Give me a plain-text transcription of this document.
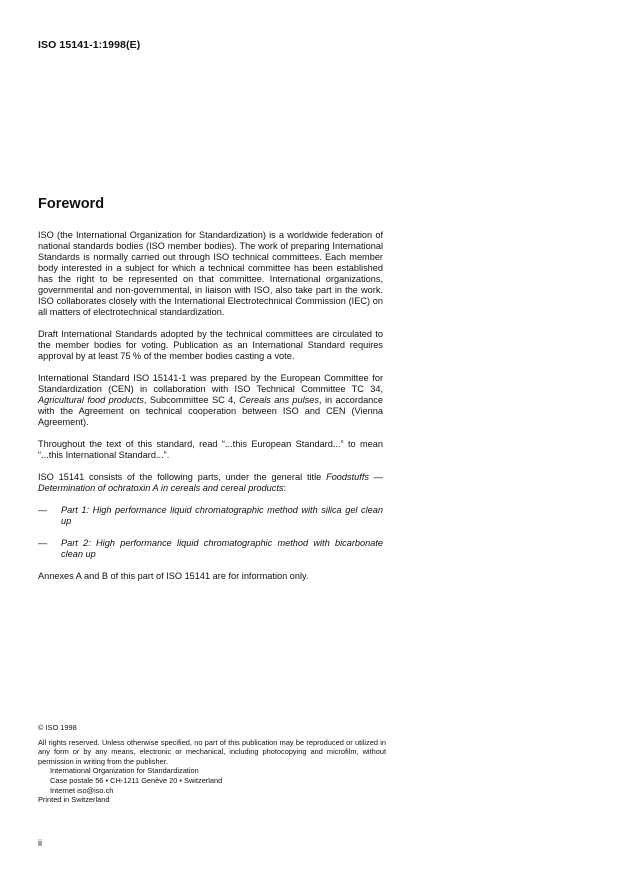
ISO 15141-1:1998(E)
Foreword

ISO (the International Organization for Standardization) is a worldwide federation of national standards bodies (ISO member bodies). The work of preparing International Standards is normally carried out through ISO technical committees. Each member body interested in a subject for which a technical committee has been established has the right to be represented on that committee. International organizations, governmental and non-governmental, in liaison with ISO, also take part in the work. ISO collaborates closely with the International Electrotechnical Commission (IEC) on all matters of electrotechnical standardization.

Draft International Standards adopted by the technical committees are circulated to the member bodies for voting. Publication as an International Standard requires approval by at least 75 % of the member bodies casting a vote.

International Standard ISO 15141-1 was prepared by the European Committee for Standardization (CEN) in collaboration with ISO Technical Committee TC 34, Agricultural food products, Subcommittee SC 4, Cereals ans pulses, in accordance with the Agreement on technical cooperation between ISO and CEN (Vienna Agreement).

Throughout the text of this standard, read “...this European Standard...” to mean “...this International Standard...”.

ISO 15141 consists of the following parts, under the general title Foodstuffs — Determination of ochratoxin A in cereals and cereal products:

—	Part 1: High performance liquid chromatographic method with silica gel clean up
—	Part 2: High performance liquid chromatographic method with bicarbonate clean up

Annexes A and B of this part of ISO 15141 are for information only.

© ISO 1998

All rights reserved. Unless otherwise specified, no part of this publication may be reproduced or utilized in any form or by any means, electronic or mechanical, including photocopying and microfilm, without permission in writing from the publisher.

International Organization for Standardization

Case postale 56 • CH-1211 Genève 20 • Switzerland

Internet iso@iso.ch

Printed in Switzerland

ii
